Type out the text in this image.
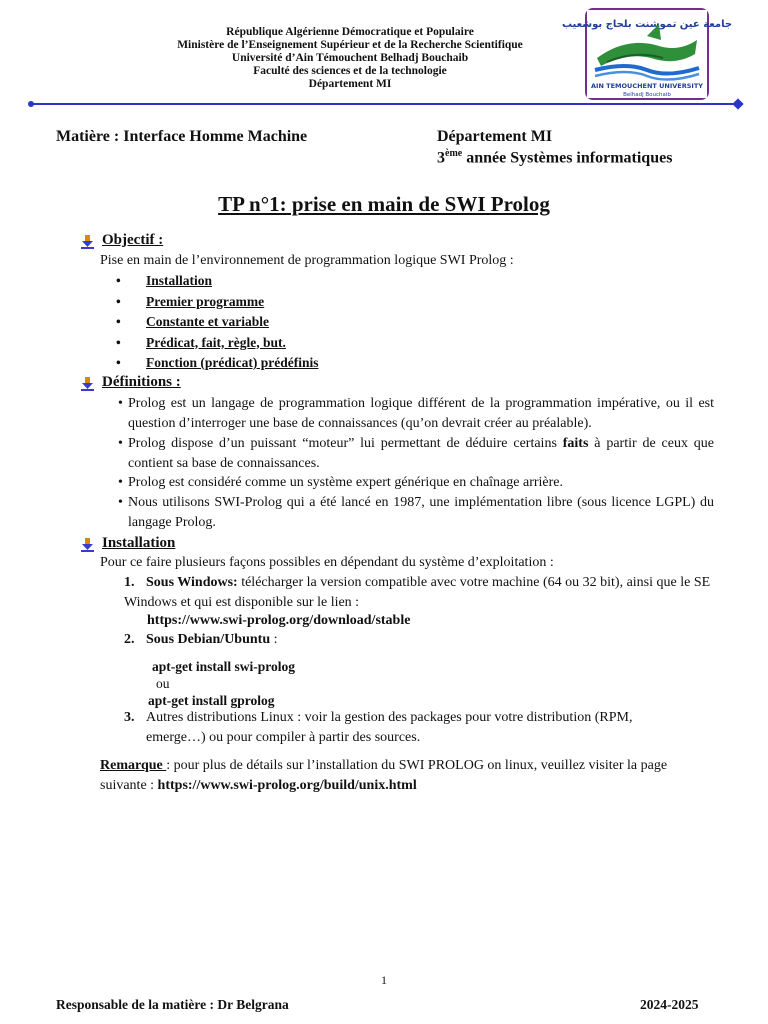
République Algérienne Démocratique et Populaire
Ministère de l’Enseignement Supérieur et de la Recherche Scientifique
Université d’Ain Témouchent Belhadj Bouchaib
Faculté des sciences et de la technologie
Département MI
جامعة عين تموشنت بلحاج بوشعيب
AIN TEMOUCHENT UNIVERSITY
Belhadj Bouchaib
Matière : Interface Homme Machine	Département MI
3ème année Systèmes informatiques
TP n°1: prise en main de SWI Prolog
Objectif :
Pise en main de l’environnement de programmation logique SWI Prolog :
• Installation
• Premier programme
• Constante et variable
• Prédicat, fait, règle, but.
• Fonction (prédicat) prédéfinis
Définitions :
• Prolog est un langage de programmation logique différent de la programmation impérative, ou il est question d’interroger une base de connaissances (qu’on devrait créer au préalable).
• Prolog dispose d’un puissant “moteur” lui permettant de déduire certains faits à partir de ceux que contient sa base de connaissances.
• Prolog est considéré comme un système expert générique en chaînage arrière.
• Nous utilisons SWI-Prolog qui a été lancé en 1987, une implémentation libre (sous licence LGPL) du langage Prolog.
Installation
Pour ce faire plusieurs façons possibles en dépendant du système d’exploitation :
1. Sous Windows: télécharger la version compatible avec votre machine (64 ou 32 bit), ainsi que le SE Windows et qui est disponible sur le lien :
https://www.swi-prolog.org/download/stable
2. Sous Debian/Ubuntu :
apt-get install swi-prolog
ou
apt-get install gprolog
3. Autres distributions Linux : voir la gestion des packages pour votre distribution (RPM, emerge…) ou pour compiler à partir des sources.
Remarque : pour plus de détails sur l’installation du SWI PROLOG on linux, veuillez visiter la page suivante : https://www.swi-prolog.org/build/unix.html
1
Responsable de la matière : Dr Belgrana	2024-2025
